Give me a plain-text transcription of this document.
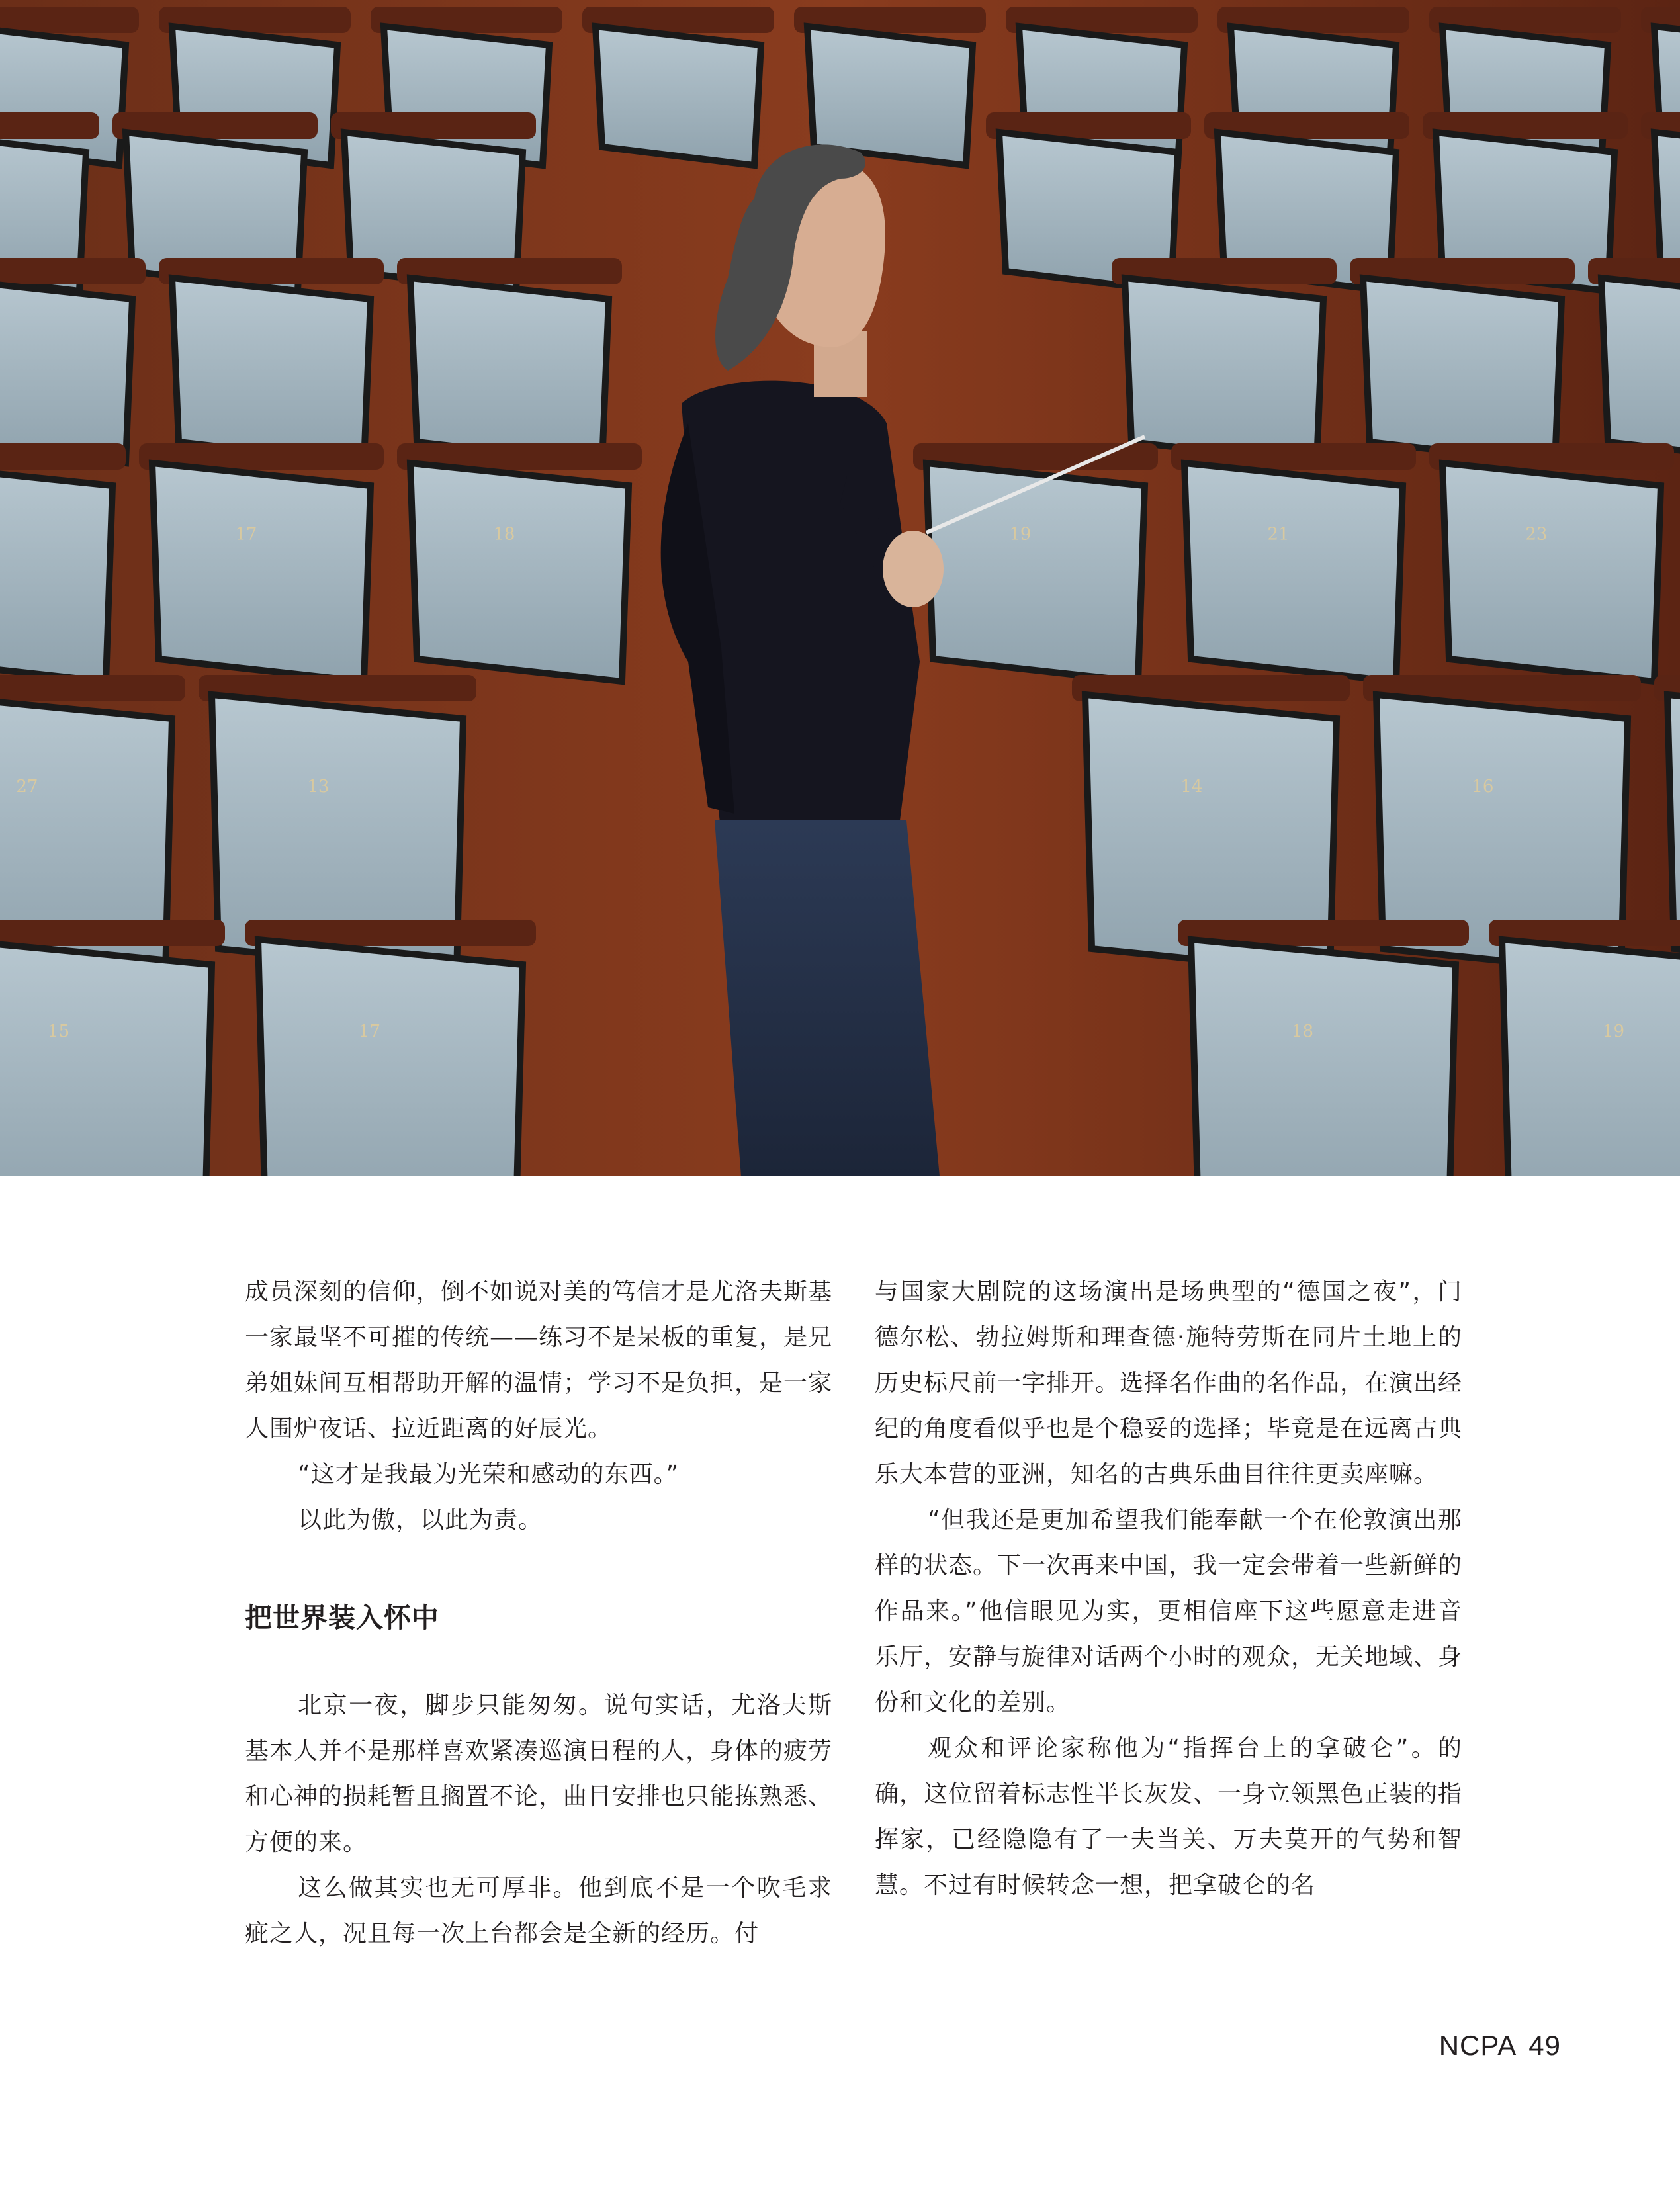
17	18	19	21	23
27	13	14	16
15	17	18	19

成员深刻的信仰，倒不如说对美的笃信才是尤洛夫斯基一家最坚不可摧的传统——练习不是呆板的重复，是兄弟姐妹间互相帮助开解的温情；学习不是负担，是一家人围炉夜话、拉近距离的好辰光。

“这才是我最为光荣和感动的东西。”

以此为傲，以此为责。

把世界装入怀中

北京一夜，脚步只能匆匆。说句实话，尤洛夫斯基本人并不是那样喜欢紧凑巡演日程的人，身体的疲劳和心神的损耗暂且搁置不论，曲目安排也只能拣熟悉、方便的来。

这么做其实也无可厚非。他到底不是一个吹毛求疵之人，况且每一次上台都会是全新的经历。付

与国家大剧院的这场演出是场典型的“德国之夜”，门德尔松、勃拉姆斯和理查德·施特劳斯在同片土地上的历史标尺前一字排开。选择名作曲的名作品，在演出经纪的角度看似乎也是个稳妥的选择；毕竟是在远离古典乐大本营的亚洲，知名的古典乐曲目往往更卖座嘛。

“但我还是更加希望我们能奉献一个在伦敦演出那样的状态。下一次再来中国，我一定会带着一些新鲜的作品来。”他信眼见为实，更相信座下这些愿意走进音乐厅，安静与旋律对话两个小时的观众，无关地域、身份和文化的差别。

观众和评论家称他为“指挥台上的拿破仑”。的确，这位留着标志性半长灰发、一身立领黑色正装的指挥家，已经隐隐有了一夫当关、万夫莫开的气势和智慧。不过有时候转念一想，把拿破仑的名

NCPA 49
